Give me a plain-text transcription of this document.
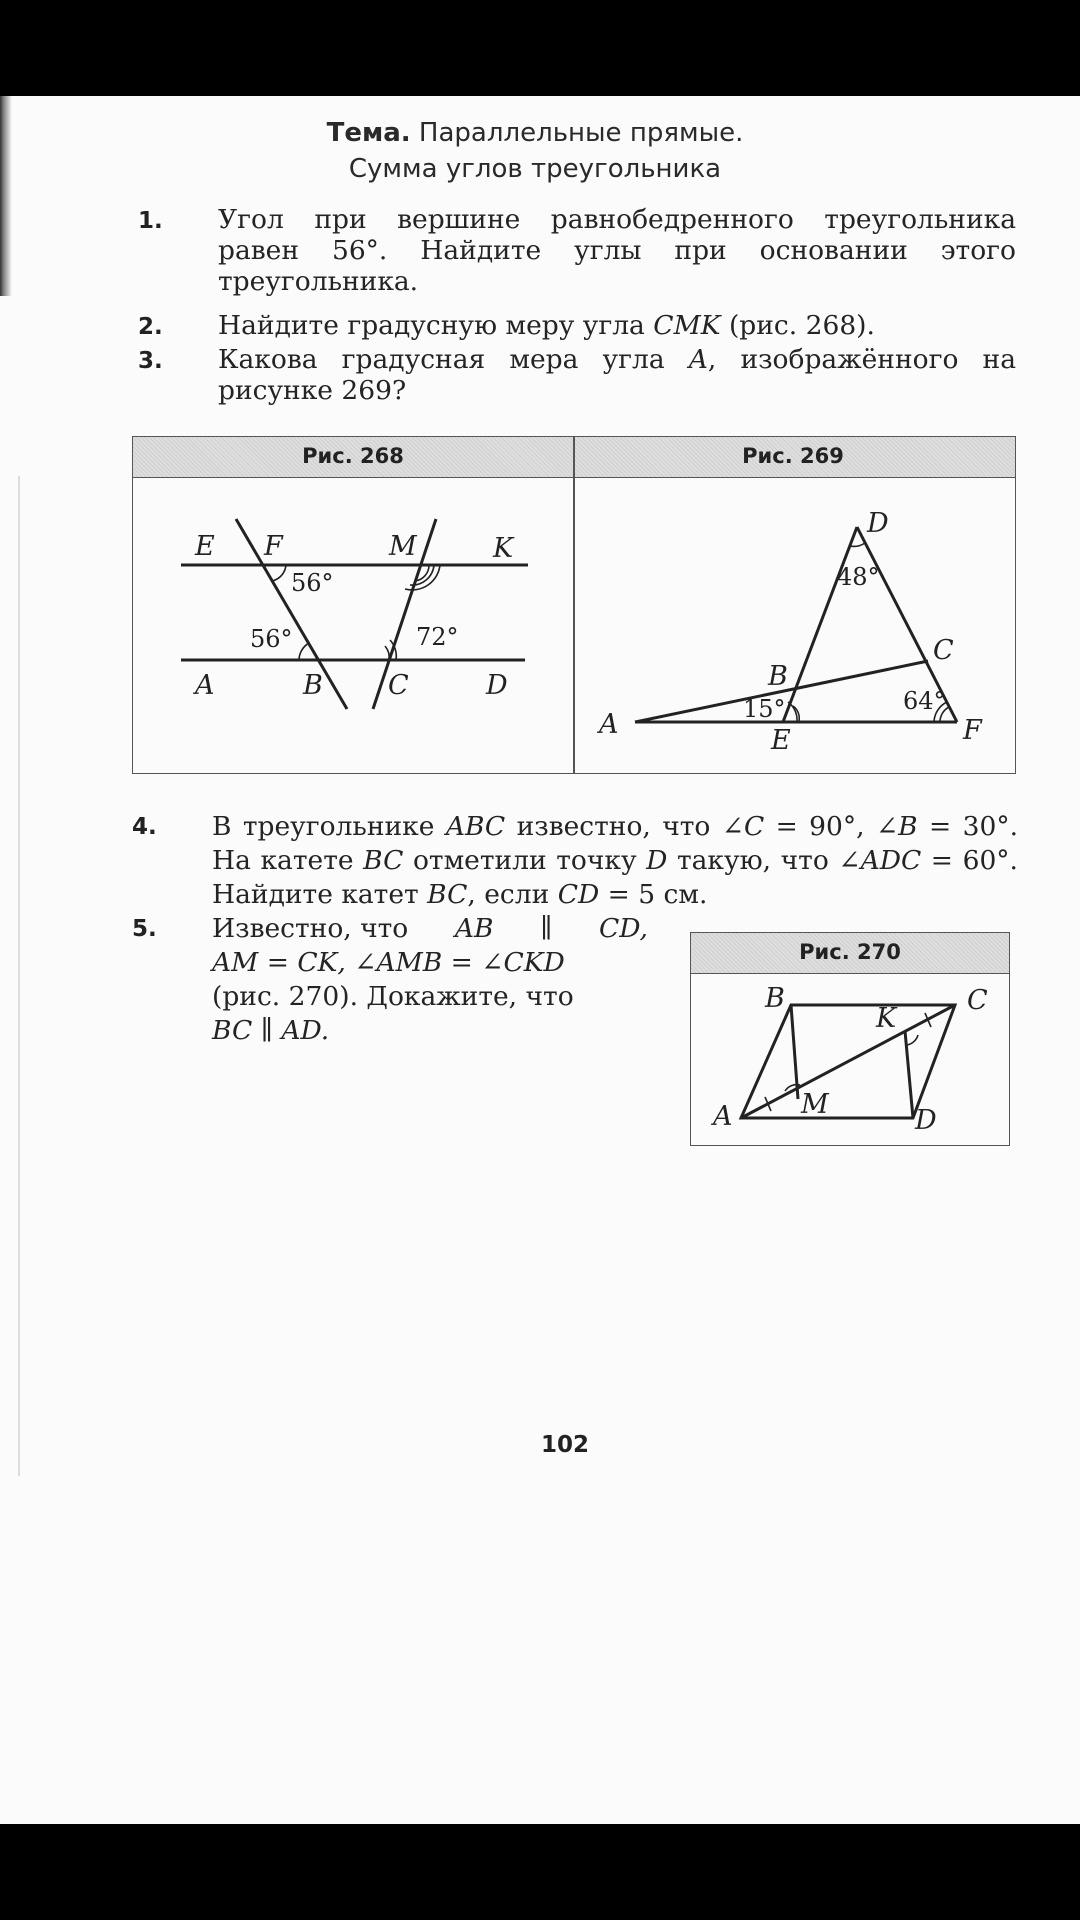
Тема. Параллельные прямые.
Сумма углов треугольника
1. Угол при вершине равнобедренного треугольника равен 56°. Найдите углы при основании этого треугольника.
2. Найдите градусную меру угла CMK (рис. 268).
3. Какова градусная мера угла A, изображённого на рисунке 269?
Рис. 268	Рис. 269
E F	M	K
A	B C	D
56°
56°	72°
D
C
B
A
E	F
48°
15°	64°
4. В треугольнике ABC известно, что ∠C = 90°, ∠B = 30°. На катете BC отметили точку D такую, что ∠ADC = 60°. Найдите катет BC, если CD = 5 см.
5. Известно, что AB ∥ CD,
AM = CK, ∠AMB = ∠CKD
(рис. 270). Докажите, что
BC ∥ AD.
Рис. 270
B	C
K
M
A	D
102
